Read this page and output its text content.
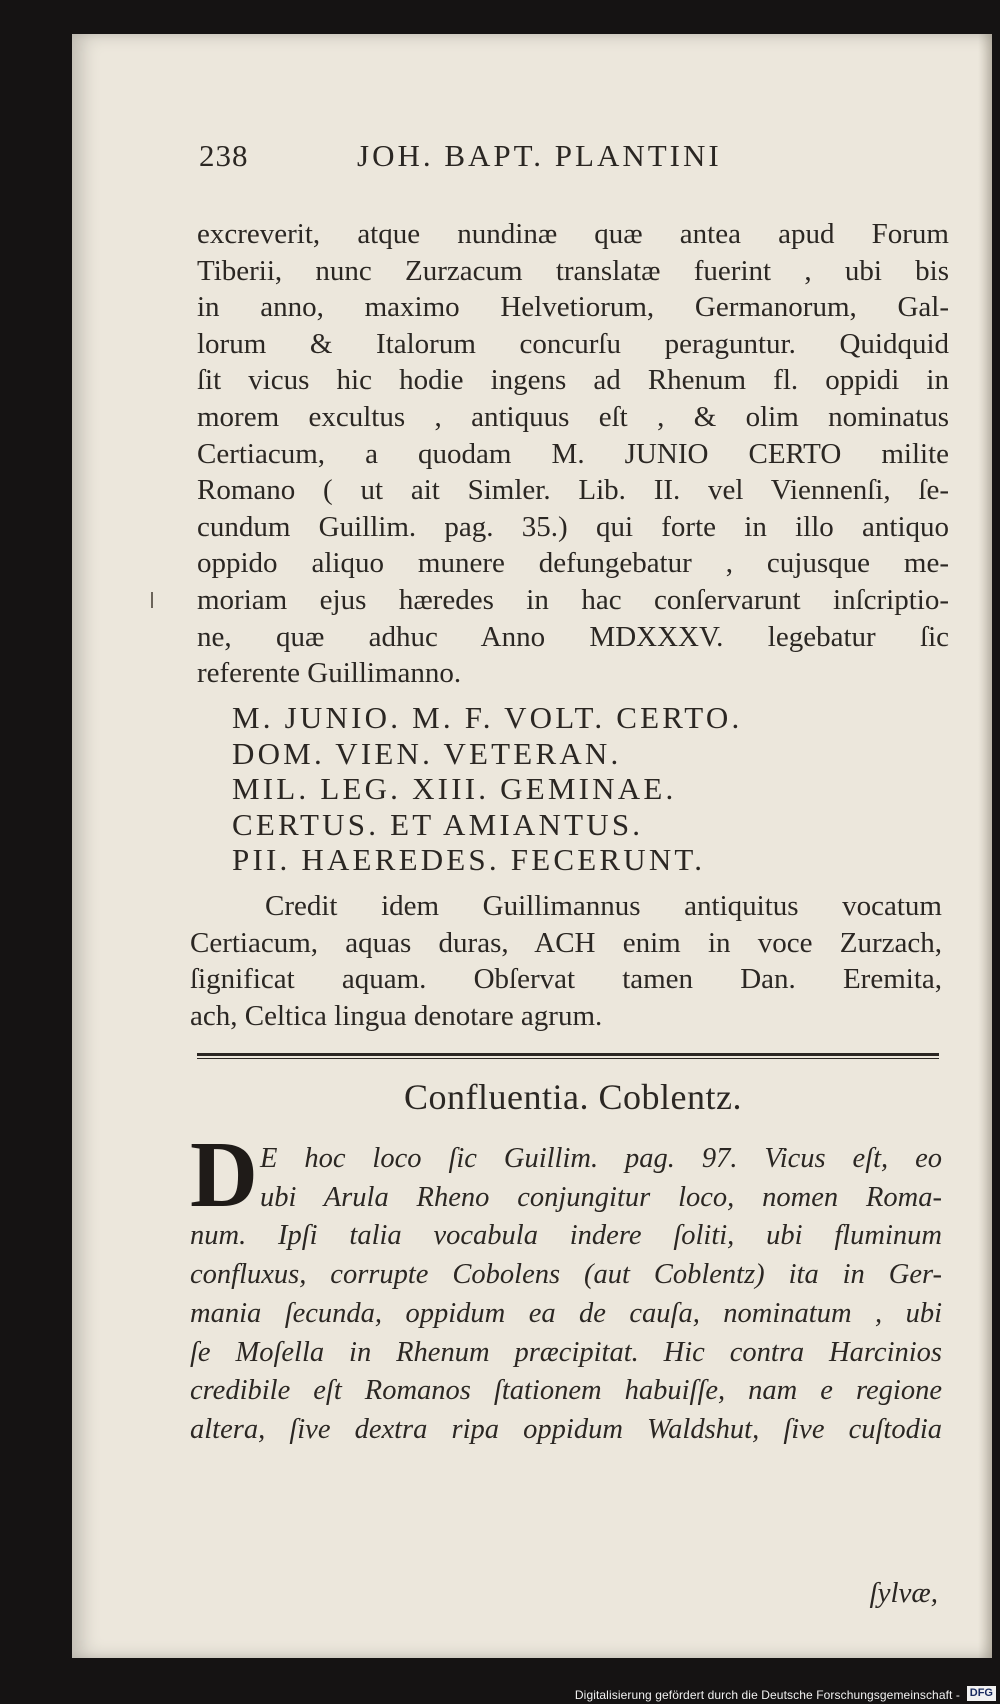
238	JOH. BAPT. PLANTINI
excreverit, atque nundinæ quæ antea apud Forum
Tiberii, nunc Zurzacum translatæ fuerint , ubi bis
in anno, maximo Helvetiorum, Germanorum, Gal-
lorum & Italorum concurſu peraguntur. Quidquid
ſit vicus hic hodie ingens ad Rhenum fl. oppidi in
morem excultus , antiquus eſt , & olim nominatus
Certiacum, a quodam M. JUNIO CERTO milite
Romano ( ut ait Simler. Lib. II. vel Viennenſi, ſe-
cundum Guillim. pag. 35.) qui forte in illo antiquo
oppido aliquo munere defungebatur , cujusque me-
moriam ejus hæredes in hac conſervarunt inſcriptio-
ne, quæ adhuc Anno MDXXXV. legebatur ſic
referente Guillimanno.
M. JUNIO. M. F. VOLT. CERTO.
DOM. VIEN. VETERAN.
MIL. LEG. XIII. GEMINAE.
CERTUS. ET AMIANTUS.
PII. HAEREDES. FECERUNT.
Credit idem Guillimannus antiquitus vocatum
Certiacum, aquas duras, ACH enim in voce Zurzach,
ſignificat aquam. Obſervat tamen Dan. Eremita,
ach, Celtica lingua denotare agrum.
Confluentia. Coblentz.
D E hoc loco ſic Guillim. pag. 97. Vicus eſt, eo
ubi Arula Rheno conjungitur loco, nomen Roma-
num. Ipſi talia vocabula indere ſoliti, ubi fluminum
confluxus, corrupte Cobolens (aut Coblentz) ita in Ger-
mania ſecunda, oppidum ea de cauſa, nominatum , ubi
ſe Moſella in Rhenum præcipitat. Hic contra Harcinios
credibile eſt Romanos ſtationem habuiſſe, nam e regione
altera, ſive dextra ripa oppidum Waldshut, ſive cuſtodia
ſylvæ,
Digitalisierung gefördert durch die Deutsche Forschungsgemeinschaft - DFG
